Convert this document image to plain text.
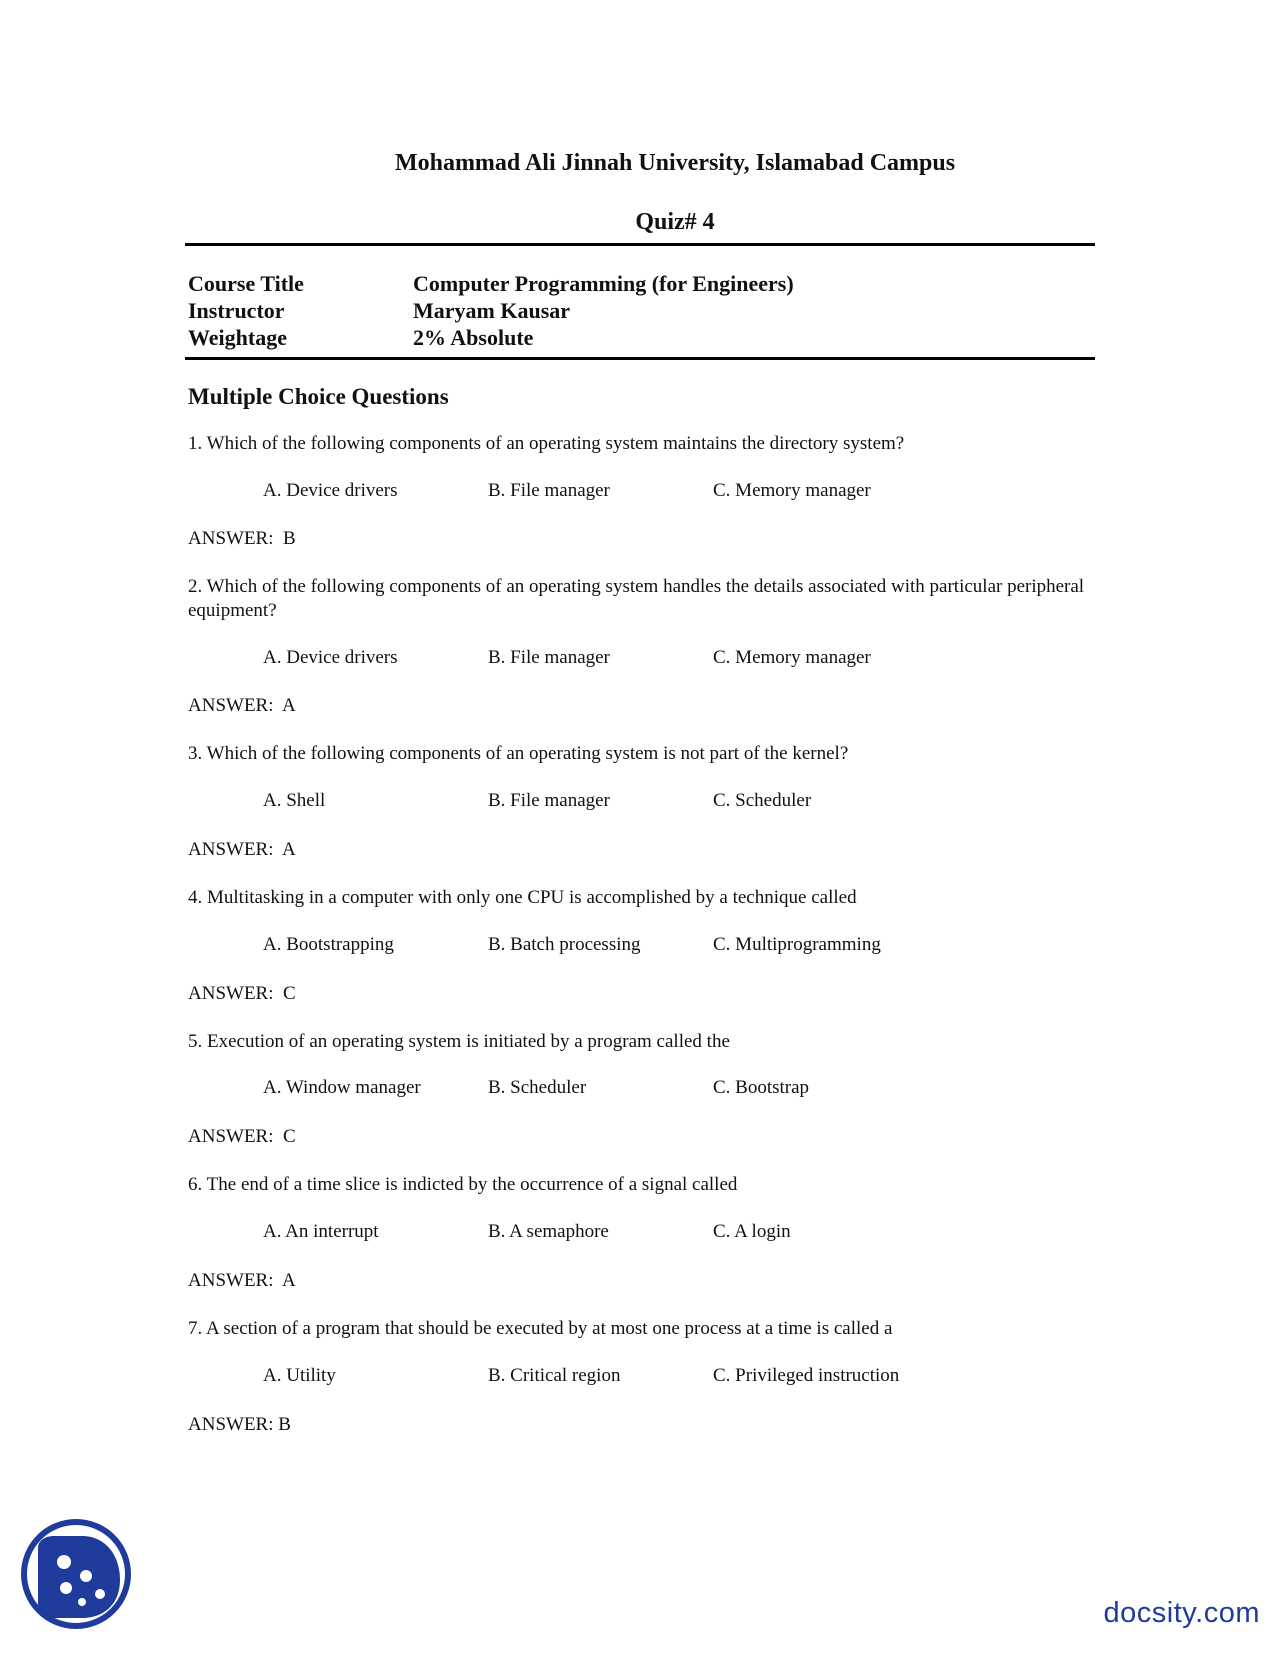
Mohammad Ali Jinnah University, Islamabad Campus
Quiz# 4
Course Title	Computer Programming (for Engineers)
Instructor	Maryam Kausar
Weightage	2% Absolute
Multiple Choice Questions
1. Which of the following components of an operating system maintains the directory system?
A. Device drivers	B. File manager	C. Memory manager
ANSWER:  B
2. Which of the following components of an operating system handles the details associated with particular peripheral equipment?
A. Device drivers	B. File manager	C. Memory manager
ANSWER:  A
3. Which of the following components of an operating system is not part of the kernel?
A. Shell	B. File manager	C. Scheduler
ANSWER:  A
4. Multitasking in a computer with only one CPU is accomplished by a technique called
A. Bootstrapping	B. Batch processing	C. Multiprogramming
ANSWER:  C
5. Execution of an operating system is initiated by a program called the
A. Window manager	B. Scheduler	C. Bootstrap
ANSWER:  C
6. The end of a time slice is indicted by the occurrence of a signal called
A. An interrupt	B. A semaphore	C. A login
ANSWER:  A
7. A section of a program that should be executed by at most one process at a time is called a
A. Utility	B. Critical region	C. Privileged instruction
ANSWER: B
docsity.com
